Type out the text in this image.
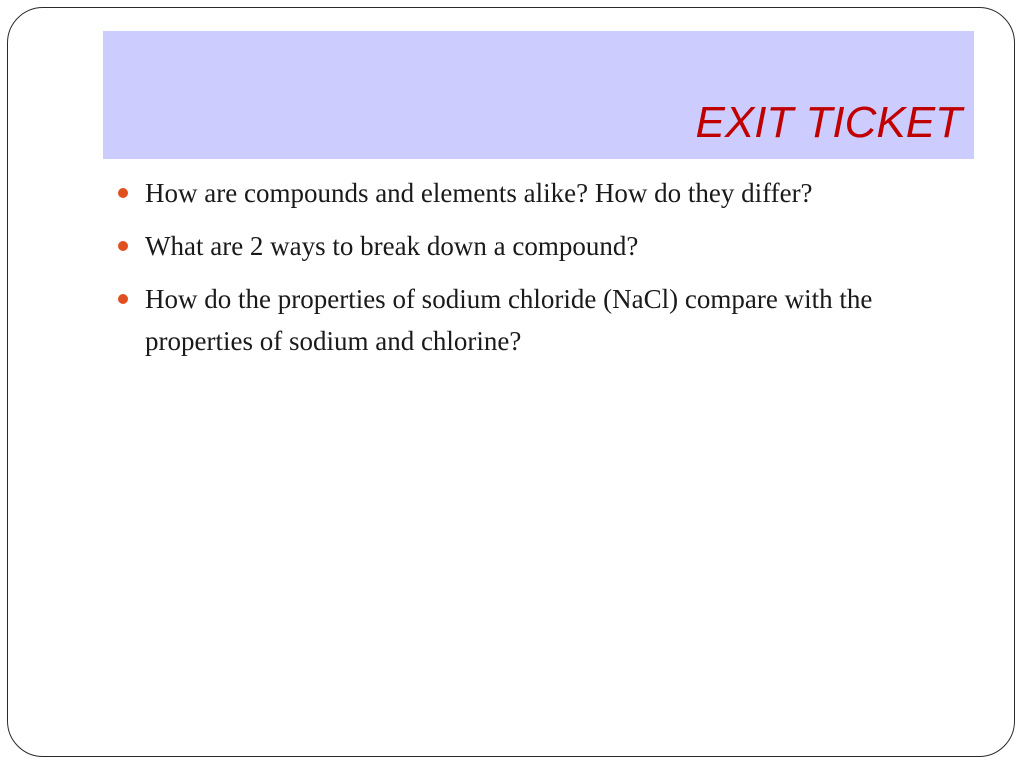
EXIT TICKET
How are compounds and elements alike? How do they differ?
What are 2 ways to break down a compound?
How do the properties of sodium chloride (NaCl) compare with the properties of sodium and chlorine?
